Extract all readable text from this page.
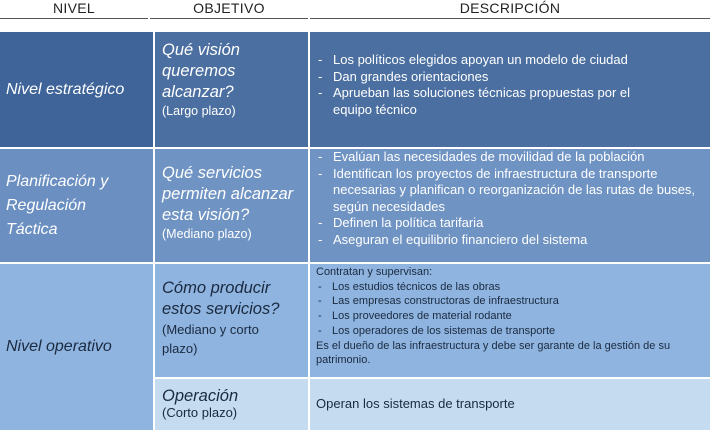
NIVEL	OBJETIVO	DESCRIPCIÓN
Nivel estratégico
Qué visión queremos alcanzar?
(Largo plazo)
- Los políticos elegidos apoyan un modelo de ciudad
- Dan grandes orientaciones
- Aprueban las soluciones técnicas propuestas por el equipo técnico
Planificación y Regulación Táctica
Qué servicios permiten alcanzar esta visión?
(Mediano plazo)
- Evalúan las necesidades de movilidad de la población
- Identifican los proyectos de infraestructura de transporte necesarias y planifican o reorganización de las rutas de buses, según necesidades
- Definen la política tarifaria
- Aseguran el equilibrio financiero del sistema
Nivel operativo
Cómo producir estos servicios?
(Mediano y corto plazo)
Contratan y supervisan:
- Los estudios técnicos de las obras
- Las empresas constructoras de infraestructura
- Los proveedores de material rodante
- Los operadores de los sistemas de transporte
Es el dueño de las infraestructura y debe ser garante de la gestión de su patrimonio.
Operación
(Corto plazo)
Operan los sistemas de transporte
